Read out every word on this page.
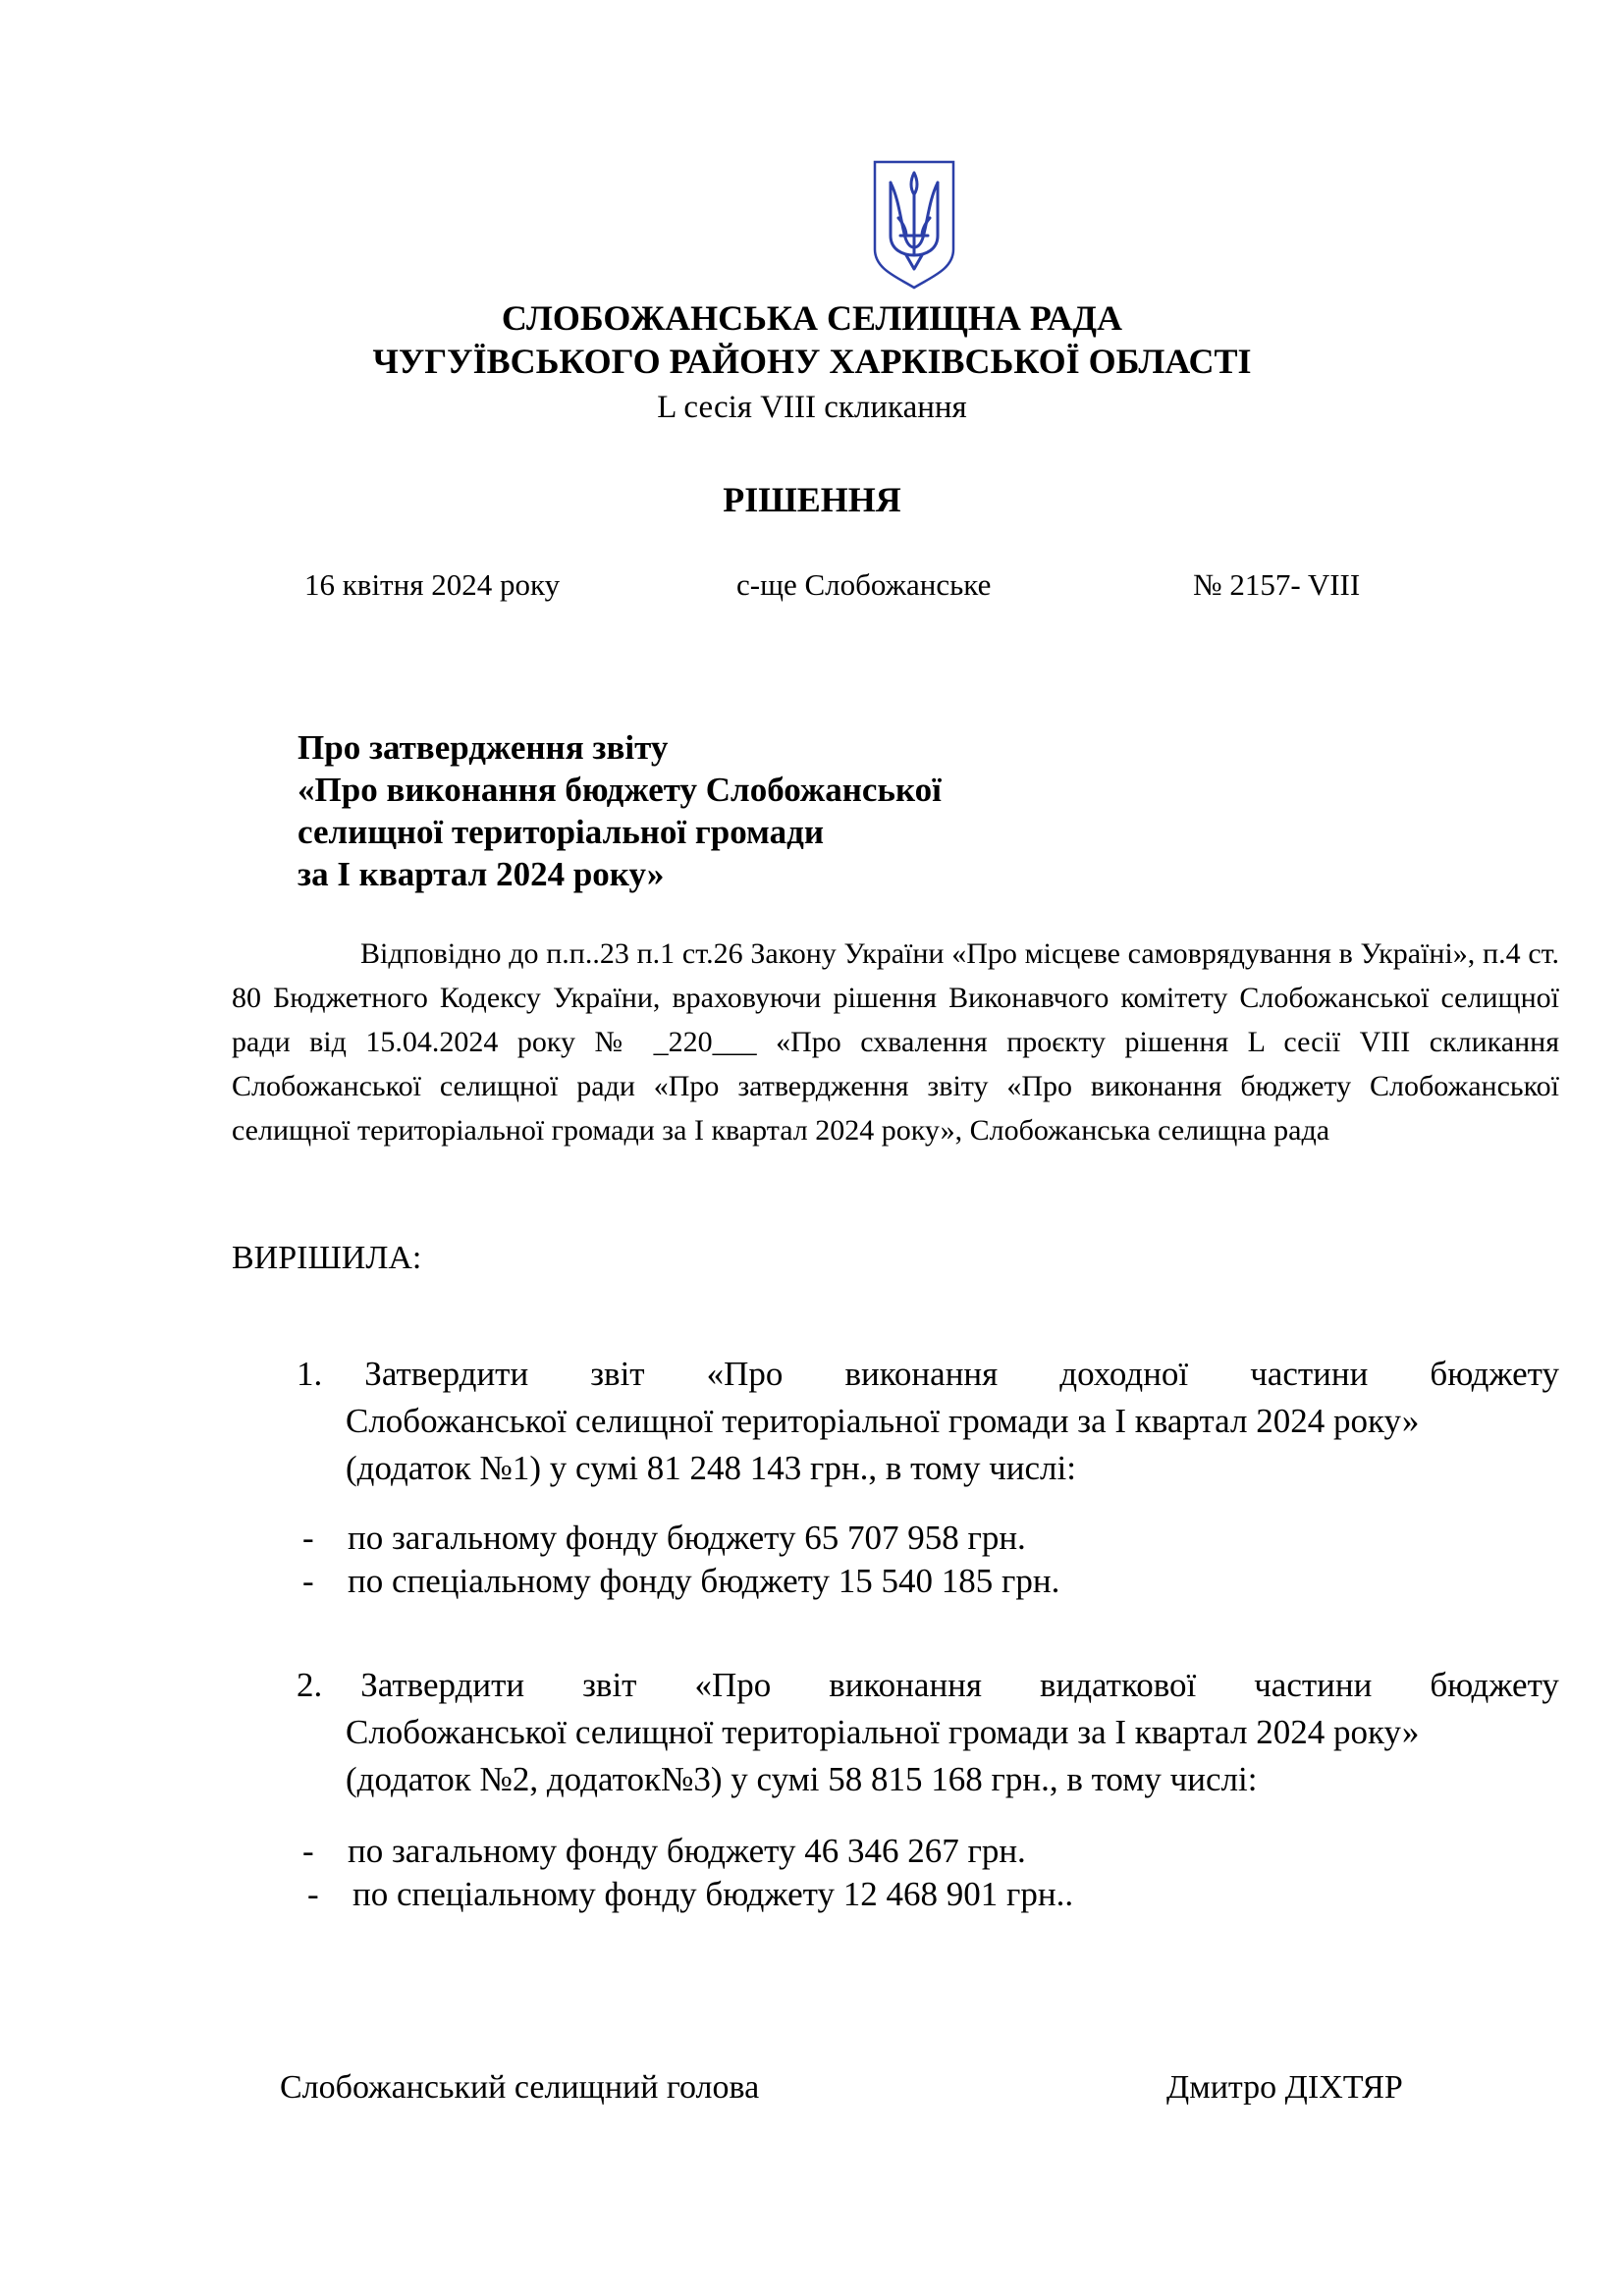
СЛОБОЖАНСЬКА СЕЛИЩНА РАДА
ЧУГУЇВСЬКОГО РАЙОНУ ХАРКІВСЬКОЇ ОБЛАСТІ
L сесія VIII скликання
РІШЕННЯ
16 квітня 2024 року	с-ще Слобожанське	№ 2157- VIII
Про затвердження звіту
«Про виконання бюджету Слобожанської
селищної територіальної громади
за І квартал 2024 року»

Відповідно до п.п..23 п.1 ст.26 Закону України «Про місцеве самоврядування в Україні», п.4 ст. 80 Бюджетного Кодексу України, враховуючи рішення Виконавчого комітету Слобожанської селищної ради від 15.04.2024 року № _220___ «Про схвалення проєкту рішення L сесії VIII скликання Слобожанської селищної ради «Про затвердження звіту «Про виконання бюджету Слобожанської селищної територіальної громади за І квартал 2024 року», Слобожанська селищна рада

ВИРІШИЛА:
1. Затвердити звіт «Про виконання доходної частини бюджету
Слобожанської селищної територіальної громади за І квартал 2024 року»
(додаток №1) у сумі 81 248 143 грн., в тому числі:
- по загальному фонду бюджету 65 707 958 грн.
- по спеціальному фонду бюджету 15 540 185 грн.
2. Затвердити звіт «Про виконання видаткової частини бюджету
Слобожанської селищної територіальної громади за І квартал 2024 року»
(додаток №2, додаток№3) у сумі 58 815 168 грн., в тому числі:
- по загальному фонду бюджету 46 346 267 грн.
- по спеціальному фонду бюджету 12 468 901 грн..
Слобожанський селищний голова	Дмитро ДІХТЯР
